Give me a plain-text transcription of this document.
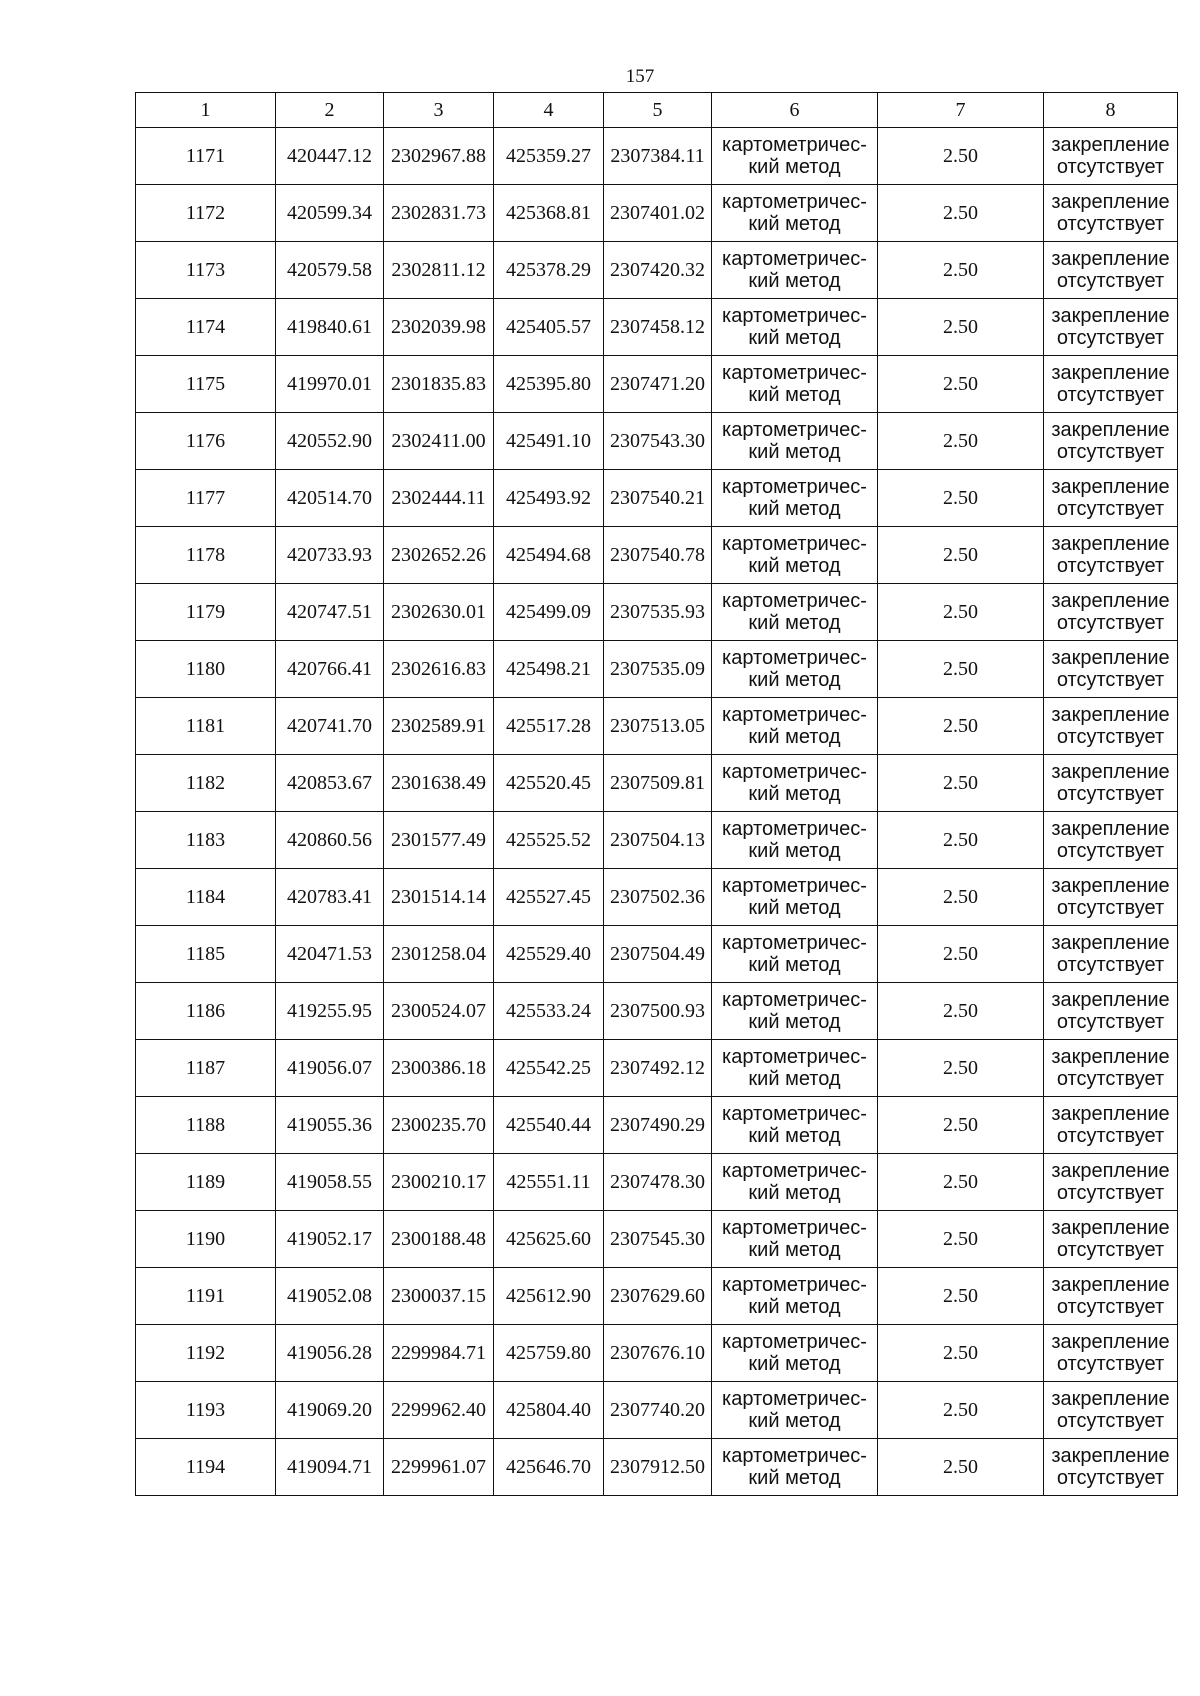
157
1	2	3	4	5	6	7	8
1171	420447.12	2302967.88	425359.27	2307384.11	картометричес-
кий метод	2.50	закрепление
отсутствует

1172	420599.34	2302831.73	425368.81	2307401.02	картометричес-
кий метод	2.50	закрепление
отсутствует

1173	420579.58	2302811.12	425378.29	2307420.32	картометричес-
кий метод	2.50	закрепление
отсутствует

1174	419840.61	2302039.98	425405.57	2307458.12	картометричес-
кий метод	2.50	закрепление
отсутствует

1175	419970.01	2301835.83	425395.80	2307471.20	картометричес-
кий метод	2.50	закрепление
отсутствует

1176	420552.90	2302411.00	425491.10	2307543.30	картометричес-
кий метод	2.50	закрепление
отсутствует

1177	420514.70	2302444.11	425493.92	2307540.21	картометричес-
кий метод	2.50	закрепление
отсутствует

1178	420733.93	2302652.26	425494.68	2307540.78	картометричес-
кий метод	2.50	закрепление
отсутствует

1179	420747.51	2302630.01	425499.09	2307535.93	картометричес-
кий метод	2.50	закрепление
отсутствует

1180	420766.41	2302616.83	425498.21	2307535.09	картометричес-
кий метод	2.50	закрепление
отсутствует

1181	420741.70	2302589.91	425517.28	2307513.05	картометричес-
кий метод	2.50	закрепление
отсутствует

1182	420853.67	2301638.49	425520.45	2307509.81	картометричес-
кий метод	2.50	закрепление
отсутствует

1183	420860.56	2301577.49	425525.52	2307504.13	картометричес-
кий метод	2.50	закрепление
отсутствует

1184	420783.41	2301514.14	425527.45	2307502.36	картометричес-
кий метод	2.50	закрепление
отсутствует

1185	420471.53	2301258.04	425529.40	2307504.49	картометричес-
кий метод	2.50	закрепление
отсутствует

1186	419255.95	2300524.07	425533.24	2307500.93	картометричес-
кий метод	2.50	закрепление
отсутствует

1187	419056.07	2300386.18	425542.25	2307492.12	картометричес-
кий метод	2.50	закрепление
отсутствует

1188	419055.36	2300235.70	425540.44	2307490.29	картометричес-
кий метод	2.50	закрепление
отсутствует

1189	419058.55	2300210.17	425551.11	2307478.30	картометричес-
кий метод	2.50	закрепление
отсутствует

1190	419052.17	2300188.48	425625.60	2307545.30	картометричес-
кий метод	2.50	закрепление
отсутствует

1191	419052.08	2300037.15	425612.90	2307629.60	картометричес-
кий метод	2.50	закрепление
отсутствует

1192	419056.28	2299984.71	425759.80	2307676.10	картометричес-
кий метод	2.50	закрепление
отсутствует

1193	419069.20	2299962.40	425804.40	2307740.20	картометричес-
кий метод	2.50	закрепление
отсутствует

1194	419094.71	2299961.07	425646.70	2307912.50	картометричес-
кий метод	2.50	закрепление
отсутствует
